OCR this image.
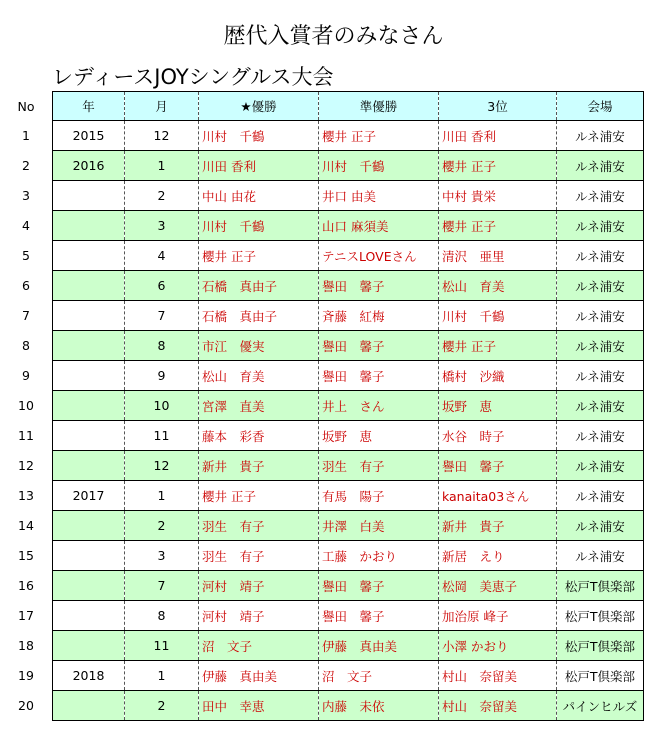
歴代入賞者のみなさん
レディースJOYシングルス大会
No	年	月	★優勝	準優勝	3位	会場
1	2015	12	川村　千鶴	櫻井 正子	川田 香利	ルネ浦安
2	2016	1	川田 香利	川村　千鶴	櫻井 正子	ルネ浦安
3		2	中山 由花	井口 由美	中村 貴栄	ルネ浦安
4		3	川村　千鶴	山口 麻須美	櫻井 正子	ルネ浦安
5		4	櫻井 正子	テニスLOVEさん	清沢　亜里	ルネ浦安
6		6	石橋　真由子	譽田　馨子	松山　育美	ルネ浦安
7		7	石橋　真由子	斉藤　紅梅	川村　千鶴	ルネ浦安
8		8	市江　優実	譽田　馨子	櫻井 正子	ルネ浦安
9		9	松山　育美	譽田　馨子	橋村　沙織	ルネ浦安
10		10	宮澤　直美	井上　さん	坂野　恵	ルネ浦安
11		11	藤本　彩香	坂野　恵	水谷　時子	ルネ浦安
12		12	新井　貴子	羽生　有子	譽田　馨子	ルネ浦安
13	2017	1	櫻井 正子	有馬　陽子	kanaita03さん	ルネ浦安
14		2	羽生　有子	井澤　白美	新井　貴子	ルネ浦安
15		3	羽生　有子	工藤　かおり	新居　えり	ルネ浦安
16		7	河村　靖子	譽田　馨子	松岡　美恵子	松戸T倶楽部
17		8	河村　靖子	譽田　馨子	加治原 峰子	松戸T倶楽部
18		11	沼　文子	伊藤　真由美	小澤 かおり	松戸T倶楽部
19	2018	1	伊藤　真由美	沼　文子	村山　奈留美	松戸T倶楽部
20		2	田中　幸恵	内藤　未依	村山　奈留美	パインヒルズ
